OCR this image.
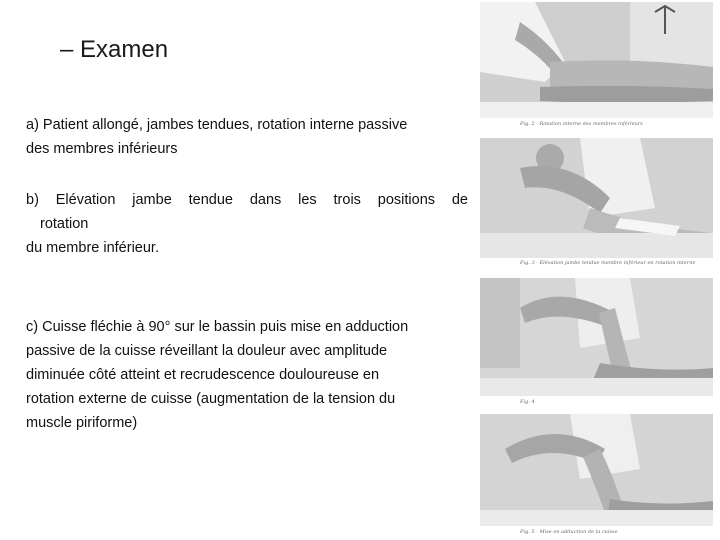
– Examen
a) Patient allongé, jambes tendues, rotation interne passive
des membres inférieurs
b) Elévation jambe tendue dans les trois positions de
rotation
du membre inférieur.
c) Cuisse fléchie à 90° sur le bassin puis mise en adduction
passive de la cuisse réveillant la douleur avec amplitude
diminuée côté atteint et recrudescence douloureuse en
rotation externe de cuisse (augmentation de la tension du
muscle piriforme)
Fig. 2 - Rotation interne des membres inférieurs
Fig. 3 - Élévation jambe tendue membre inférieur en rotation interne
Fig. 4
Fig. 5 - Mise en adduction de la cuisse
